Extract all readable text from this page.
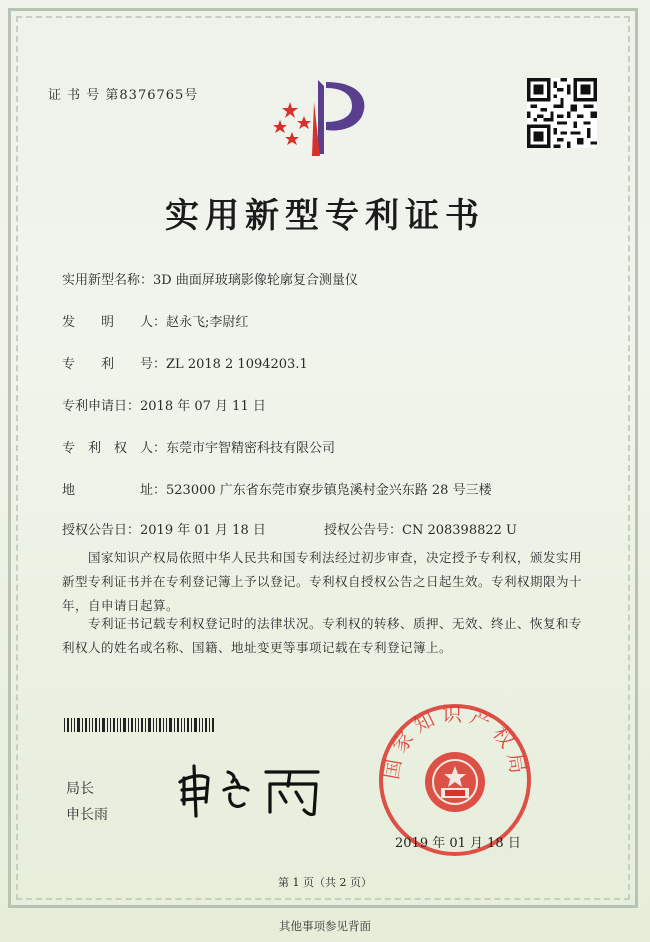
证 书 号 第8376765号
实用新型专利证书
实用新型名称：3D 曲面屏玻璃影像轮廓复合测量仪
发　　明　　人：赵永飞;李尉红
专　　利　　号：ZL 2018 2 1094203.1
专利申请日：2018 年 07 月 11 日
专　利　权　人：东莞市宇智精密科技有限公司
地　　　　　址：523000 广东省东莞市寮步镇凫溪村金兴东路 28 号三楼
授权公告日：2019 年 01 月 18 日	授权公告号：CN 208398822 U
国家知识产权局依照中华人民共和国专利法经过初步审查，决定授予专利权，颁发实用新型专利证书并在专利登记簿上予以登记。专利权自授权公告之日起生效。专利权期限为十年，自申请日起算。
专利证书记载专利权登记时的法律状况。专利权的转移、质押、无效、终止、恢复和专利权人的姓名或名称、国籍、地址变更等事项记载在专利登记簿上。
局长
申长雨
国家知识产权局
2019 年 01 月 18 日
第 1 页（共 2 页）
其他事项参见背面
